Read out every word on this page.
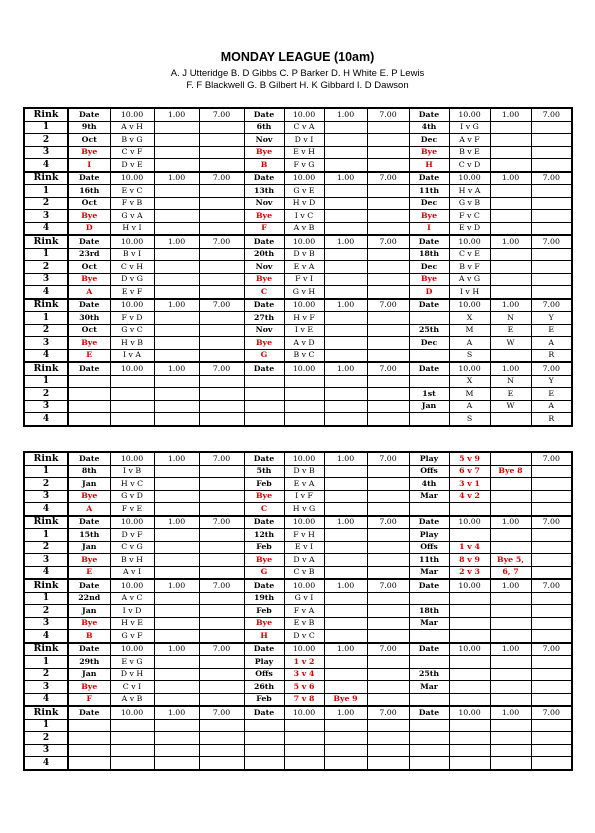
MONDAY LEAGUE (10am)
A. J Utteridge B. D Gibbs C. P Barker D. H White E. P Lewis
F. F Blackwell G. B Gilbert H. K Gibbard I. D Dawson
Rink	Date	10.00	1.00	7.00	Date	10.00	1.00	7.00	Date	10.00	1.00	7.00
1	9th	A v H			6th	C v A			4th	I v G		
2	Oct	B v G			Nov	D v I			Dec	A v F		
3	Bye	C v F			Bye	E v H			Bye	B v E		
4	I	D v E			B	F v G			H	C v D		
Rink	Date	10.00	1.00	7.00	Date	10.00	1.00	7.00	Date	10.00	1.00	7.00
1	16th	E v C			13th	G v E			11th	H v A		
2	Oct	F v B			Nov	H v D			Dec	G v B		
3	Bye	G v A			Bye	I v C			Bye	F v C		
4	D	H v I			F	A v B			I	E v D		
Rink	Date	10.00	1.00	7.00	Date	10.00	1.00	7.00	Date	10.00	1.00	7.00
1	23rd	B v I			20th	D v B			18th	C v E		
2	Oct	C v H			Nov	E v A			Dec	B v F		
3	Bye	D v G			Bye	F v I			Bye	A v G		
4	A	E v F			C	G v H			D	I v H		
Rink	Date	10.00	1.00	7.00	Date	10.00	1.00	7.00	Date	10.00	1.00	7.00
1	30th	F v D			27th	H v F				X	N	Y
2	Oct	G v C			Nov	I v E			25th	M	E	E
3	Bye	H v B			Bye	A v D			Dec	A	W	A
4	E	I v A			G	B v C				S		R
Rink	Date	10.00	1.00	7.00	Date	10.00	1.00	7.00	Date	10.00	1.00	7.00
1										X	N	Y
2									1st	M	E	E
3									Jan	A	W	A
4										S		R
Rink	Date	10.00	1.00	7.00	Date	10.00	1.00	7.00	Play	5 v 9		7.00
1	8th	I v B			5th	D v B			Offs	6 v 7	Bye 8	
2	Jan	H v C			Feb	E v A			4th	3 v 1		
3	Bye	G v D			Bye	I v F			Mar	4 v 2		
4	A	F v E			C	H v G						
Rink	Date	10.00	1.00	7.00	Date	10.00	1.00	7.00	Date	10.00	1.00	7.00
1	15th	D v F			12th	F v H			Play			
2	Jan	C v G			Feb	E v I			Offs	1 v 4		
3	Bye	B v H			Bye	D v A			11th	8 v 9	Bye 5,	
4	E	A v I			G	C v B			Mar	2 v 3	6, 7	
Rink	Date	10.00	1.00	7.00	Date	10.00	1.00	7.00	Date	10.00	1.00	7.00
1	22nd	A v C			19th	G v I						
2	Jan	I v D			Feb	F v A			18th			
3	Bye	H v E			Bye	E v B			Mar			
4	B	G v F			H	D v C						
Rink	Date	10.00	1.00	7.00	Date	10.00	1.00	7.00	Date	10.00	1.00	7.00
1	29th	E v G			Play	1 v 2						
2	Jan	D v H			Offs	3 v 4			25th			
3	Bye	C v I			26th	5 v 6			Mar			
4	F	A v B			Feb	7 v 8	Bye 9					
Rink	Date	10.00	1.00	7.00	Date	10.00	1.00	7.00	Date	10.00	1.00	7.00
1												
2												
3												
4												
